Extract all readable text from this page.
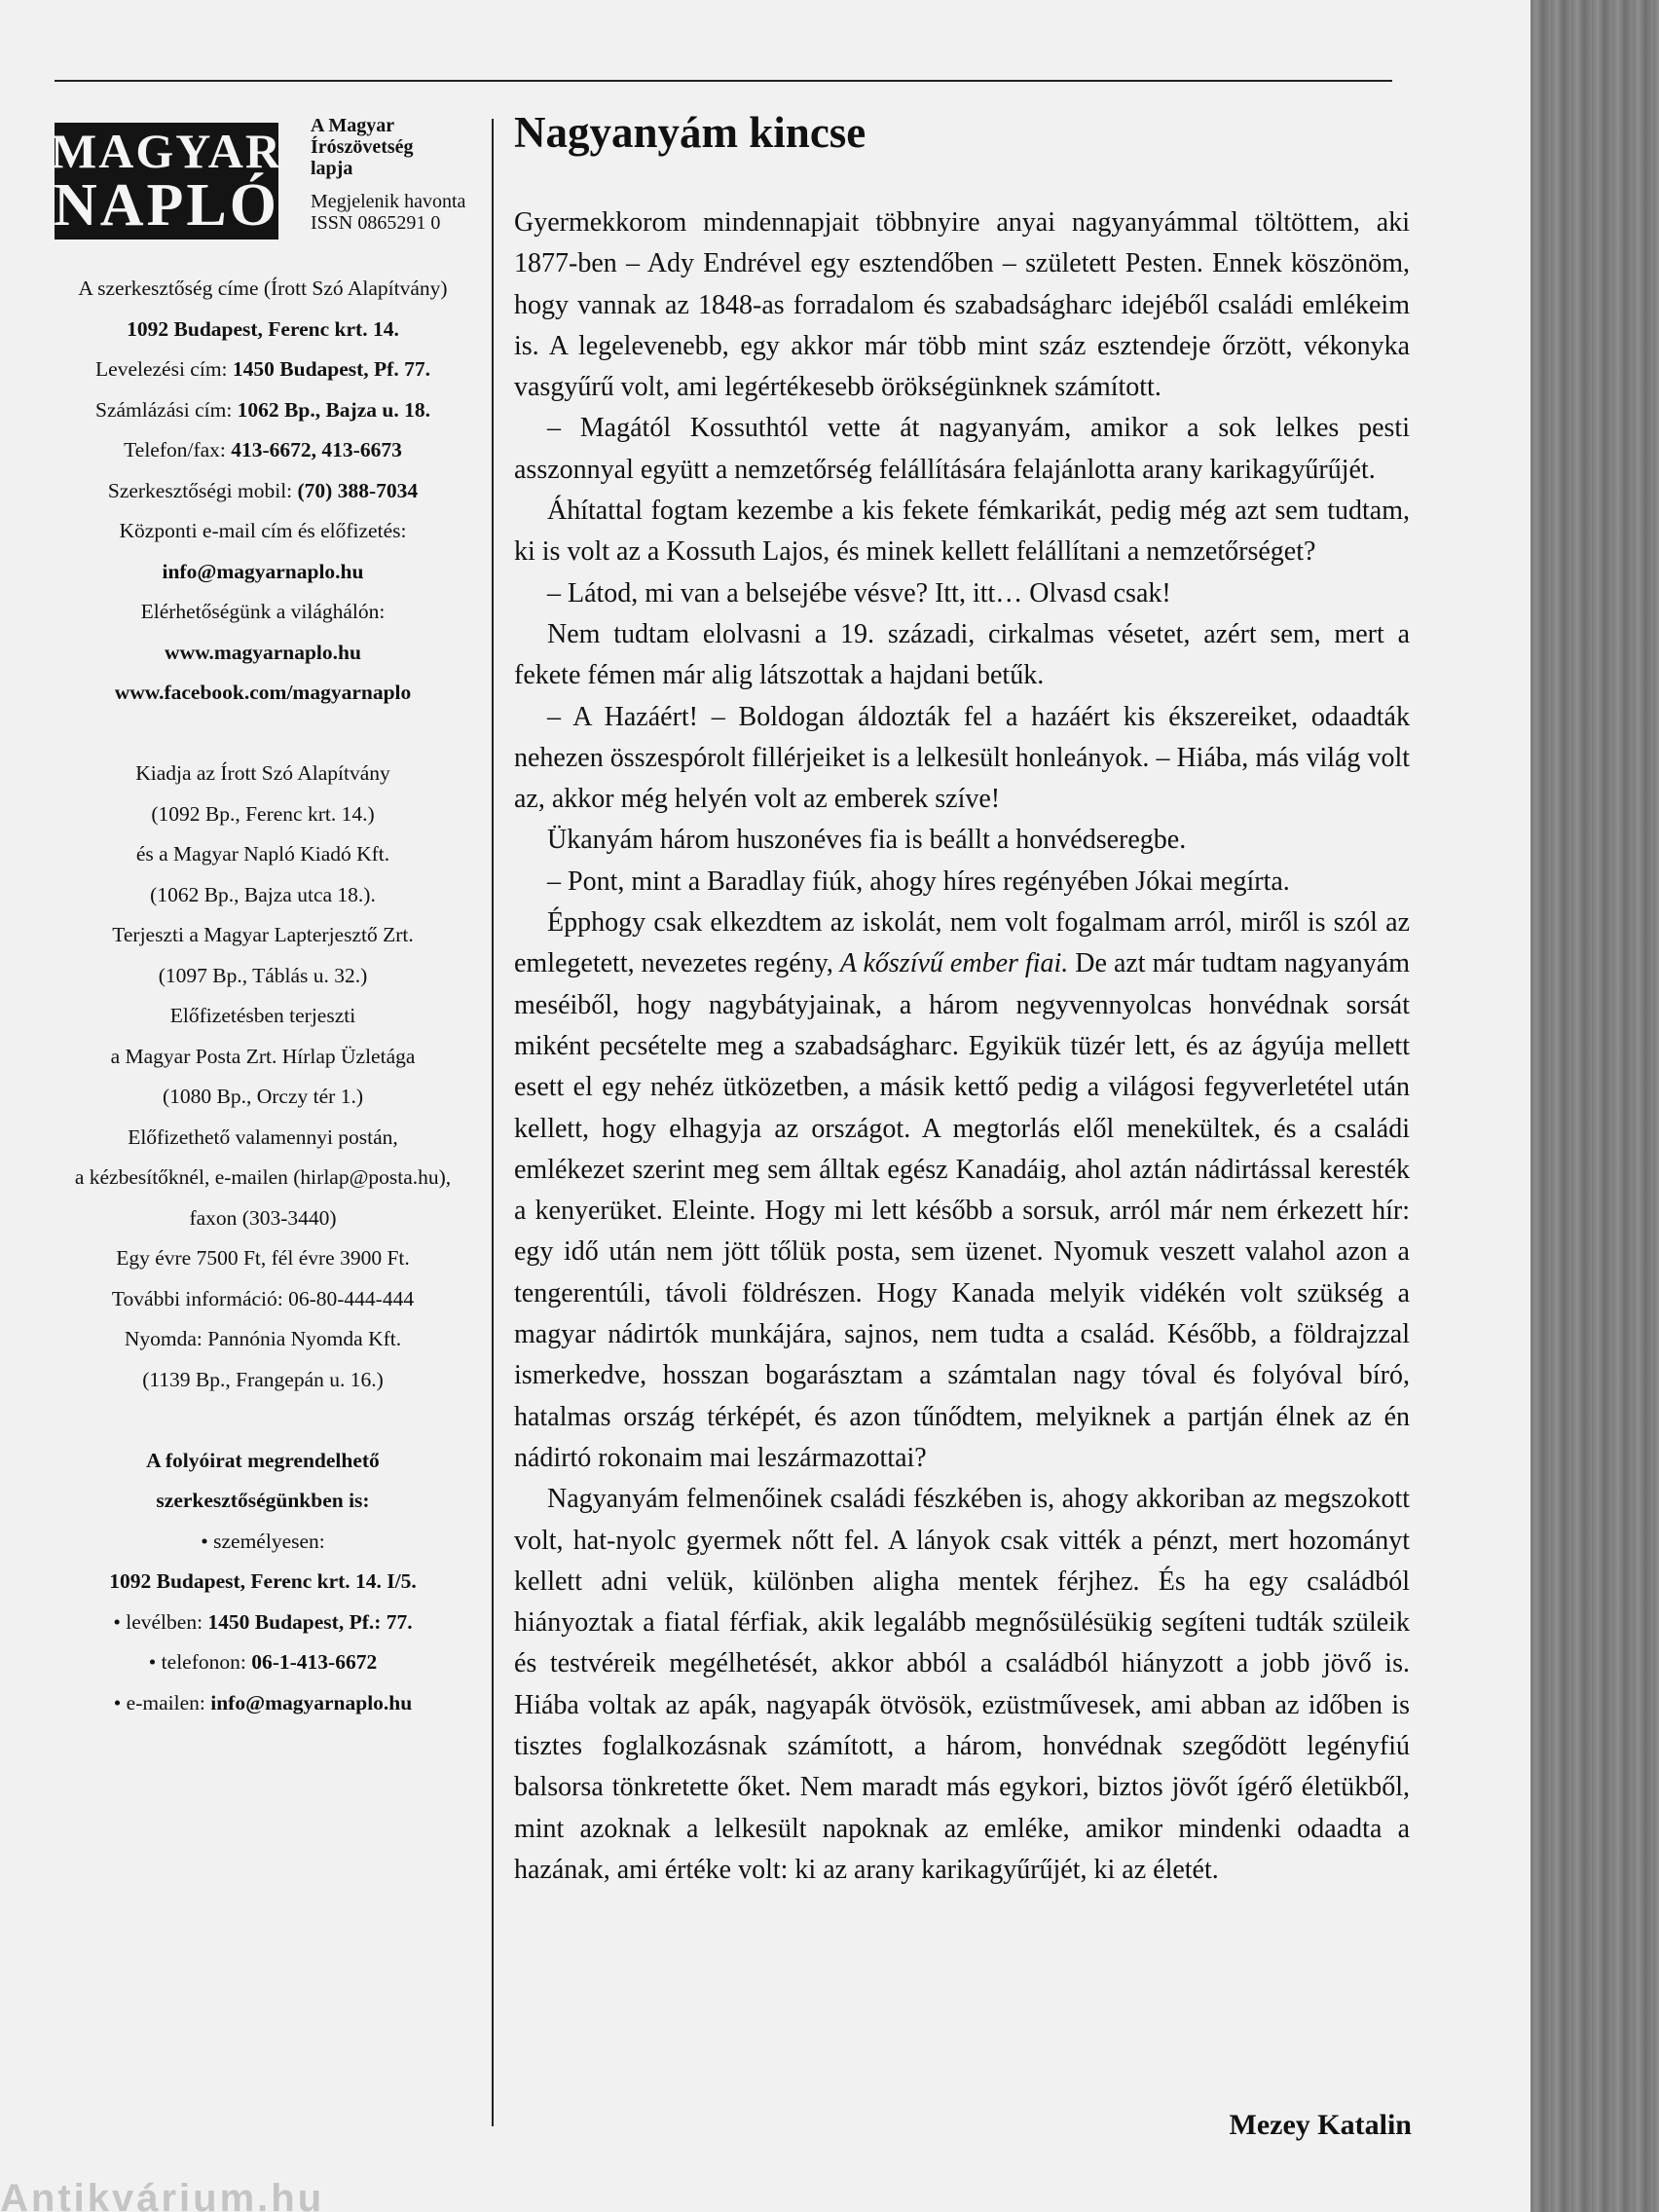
MAGYAR
NAPLÓ
A Magyar
Írószövetség
lapja
Megjelenik havonta
ISSN 0865291 0

A szerkesztőség címe (Írott Szó Alapítvány)

1092 Budapest, Ferenc krt. 14.

Levelezési cím: 1450 Budapest, Pf. 77.

Számlázási cím: 1062 Bp., Bajza u. 18.

Telefon/fax: 413-6672, 413-6673

Szerkesztőségi mobil: (70) 388-7034

Központi e-mail cím és előfizetés:

info@magyarnaplo.hu

Elérhetőségünk a világhálón:

www.magyarnaplo.hu

www.facebook.com/magyarnaplo

Kiadja az Írott Szó Alapítvány

(1092 Bp., Ferenc krt. 14.)

és a Magyar Napló Kiadó Kft.

(1062 Bp., Bajza utca 18.).

Terjeszti a Magyar Lapterjesztő Zrt.

(1097 Bp., Táblás u. 32.)

Előfizetésben terjeszti

a Magyar Posta Zrt. Hírlap Üzletága

(1080 Bp., Orczy tér 1.)

Előfizethető valamennyi postán,

a kézbesítőknél, e-mailen (hirlap@posta.hu),

faxon (303-3440)

Egy évre 7500 Ft, fél évre 3900 Ft.

További információ: 06-80-444-444

Nyomda: Pannónia Nyomda Kft.

(1139 Bp., Frangepán u. 16.)

A folyóirat megrendelhető

szerkesztőségünkben is:

• személyesen:

1092 Budapest, Ferenc krt. 14. I/5.

• levélben: 1450 Budapest, Pf.: 77.

• telefonon: 06-1-413-6672

• e-mailen: info@magyarnaplo.hu

Nagyanyám kincse

Gyermekkorom mindennapjait többnyire anyai nagyanyámmal töltöttem, aki 1877-ben – Ady Endrével egy esztendőben – született Pesten. Ennek köszönöm, hogy vannak az 1848-as forradalom és szabadságharc idejéből családi emlékeim is. A legelevenebb, egy akkor már több mint száz esztendeje őrzött, vékonyka vasgyűrű volt, ami legértékesebb örökségünknek számított.

– Magától Kossuthtól vette át nagyanyám, amikor a sok lelkes pesti asszonnyal együtt a nemzetőrség felállítására felajánlotta arany karikagyűrűjét.

Áhítattal fogtam kezembe a kis fekete fémkarikát, pedig még azt sem tudtam, ki is volt az a Kossuth Lajos, és minek kellett felállítani a nemzetőrséget?

– Látod, mi van a belsejébe vésve? Itt, itt… Olvasd csak!

Nem tudtam elolvasni a 19. századi, cirkalmas vésetet, azért sem, mert a fekete fémen már alig látszottak a hajdani betűk.

– A Hazáért! – Boldogan áldozták fel a hazáért kis ékszereiket, odaadták nehezen összespórolt fillérjeiket is a lelkesült honleányok. – Hiába, más világ volt az, akkor még helyén volt az emberek szíve!

Ükanyám három huszonéves fia is beállt a honvédseregbe.

– Pont, mint a Baradlay fiúk, ahogy híres regényében Jókai megírta.

Épphogy csak elkezdtem az iskolát, nem volt fogalmam arról, miről is szól az emlegetett, nevezetes regény, A kőszívű ember fiai. De azt már tudtam nagyanyám meséiből, hogy nagybátyjainak, a három negyvennyolcas honvédnak sorsát miként pecsételte meg a szabadságharc. Egyikük tüzér lett, és az ágyúja mellett esett el egy nehéz ütközetben, a másik kettő pedig a világosi fegyverletétel után kellett, hogy elhagyja az országot. A megtorlás elől menekültek, és a családi emlékezet szerint meg sem álltak egész Kanadáig, ahol aztán nádirtással keresték a kenyerüket. Eleinte. Hogy mi lett később a sorsuk, arról már nem érkezett hír: egy idő után nem jött tőlük posta, sem üzenet. Nyomuk veszett valahol azon a tengerentúli, távoli földrészen. Hogy Kanada melyik vidékén volt szükség a magyar nádirtók munkájára, sajnos, nem tudta a család. Később, a földrajzzal ismerkedve, hosszan bogarásztam a számtalan nagy tóval és folyóval bíró, hatalmas ország térképét, és azon tűnődtem, melyiknek a partján élnek az én nádirtó rokonaim mai leszármazottai?

Nagyanyám felmenőinek családi fészkében is, ahogy akkoriban az megszokott volt, hat-nyolc gyermek nőtt fel. A lányok csak vitték a pénzt, mert hozományt kellett adni velük, különben aligha mentek férjhez. És ha egy családból hiányoztak a fiatal férfiak, akik legalább megnősülésükig segíteni tudták szüleik és testvéreik megélhetését, akkor abból a családból hiányzott a jobb jövő is. Hiába voltak az apák, nagyapák ötvösök, ezüstművesek, ami abban az időben is tisztes foglalkozásnak számított, a három, honvédnak szegődött legényfiú balsorsa tönkretette őket. Nem maradt más egykori, biztos jövőt ígérő életükből, mint azoknak a lelkesült napoknak az emléke, amikor mindenki odaadta a hazának, ami értéke volt: ki az arany karikagyűrűjét, ki az életét.

Mezey Katalin

Antikvárium.hu
